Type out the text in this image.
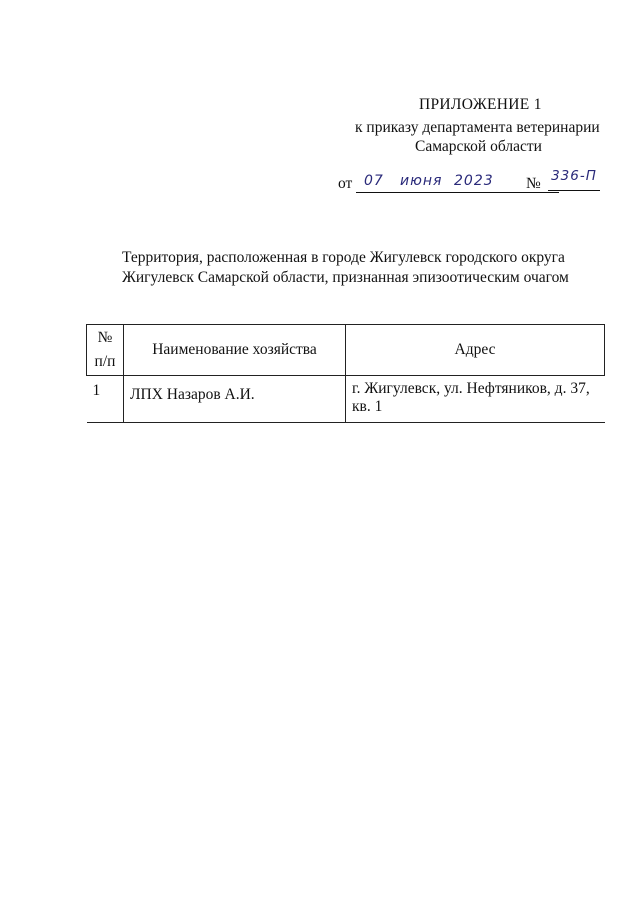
ПРИЛОЖЕНИЕ 1
к приказу департамента ветеринарии
Самарской области
от 07 июня 2023 № 336-П
Территория, расположенная в городе Жигулевск городского округа
Жигулевск Самарской области, признанная эпизоотическим очагом
№
п/п	Наименование хозяйства	Адрес
1	ЛПХ Назаров А.И.	г. Жигулевск, ул. Нефтяников, д. 37,
кв. 1
